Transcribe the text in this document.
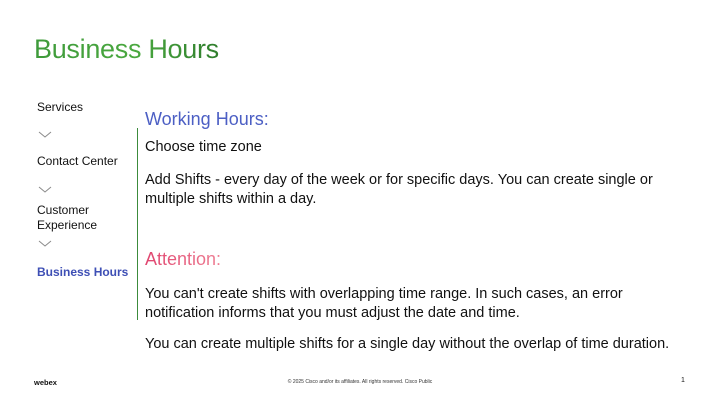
Business Hours
Services
Contact Center
Customer Experience
Business Hours
Working Hours:

Choose time zone

Add Shifts - every day of the week or for specific days. You can create single or multiple shifts within a day.

Attention:

You can't create shifts with overlapping time range. In such cases, an error notification informs that you must adjust the date and time.

You can create multiple shifts for a single day without the overlap of time duration.

webex	© 2025 Cisco and/or its affiliates. All rights reserved. Cisco Public	1
